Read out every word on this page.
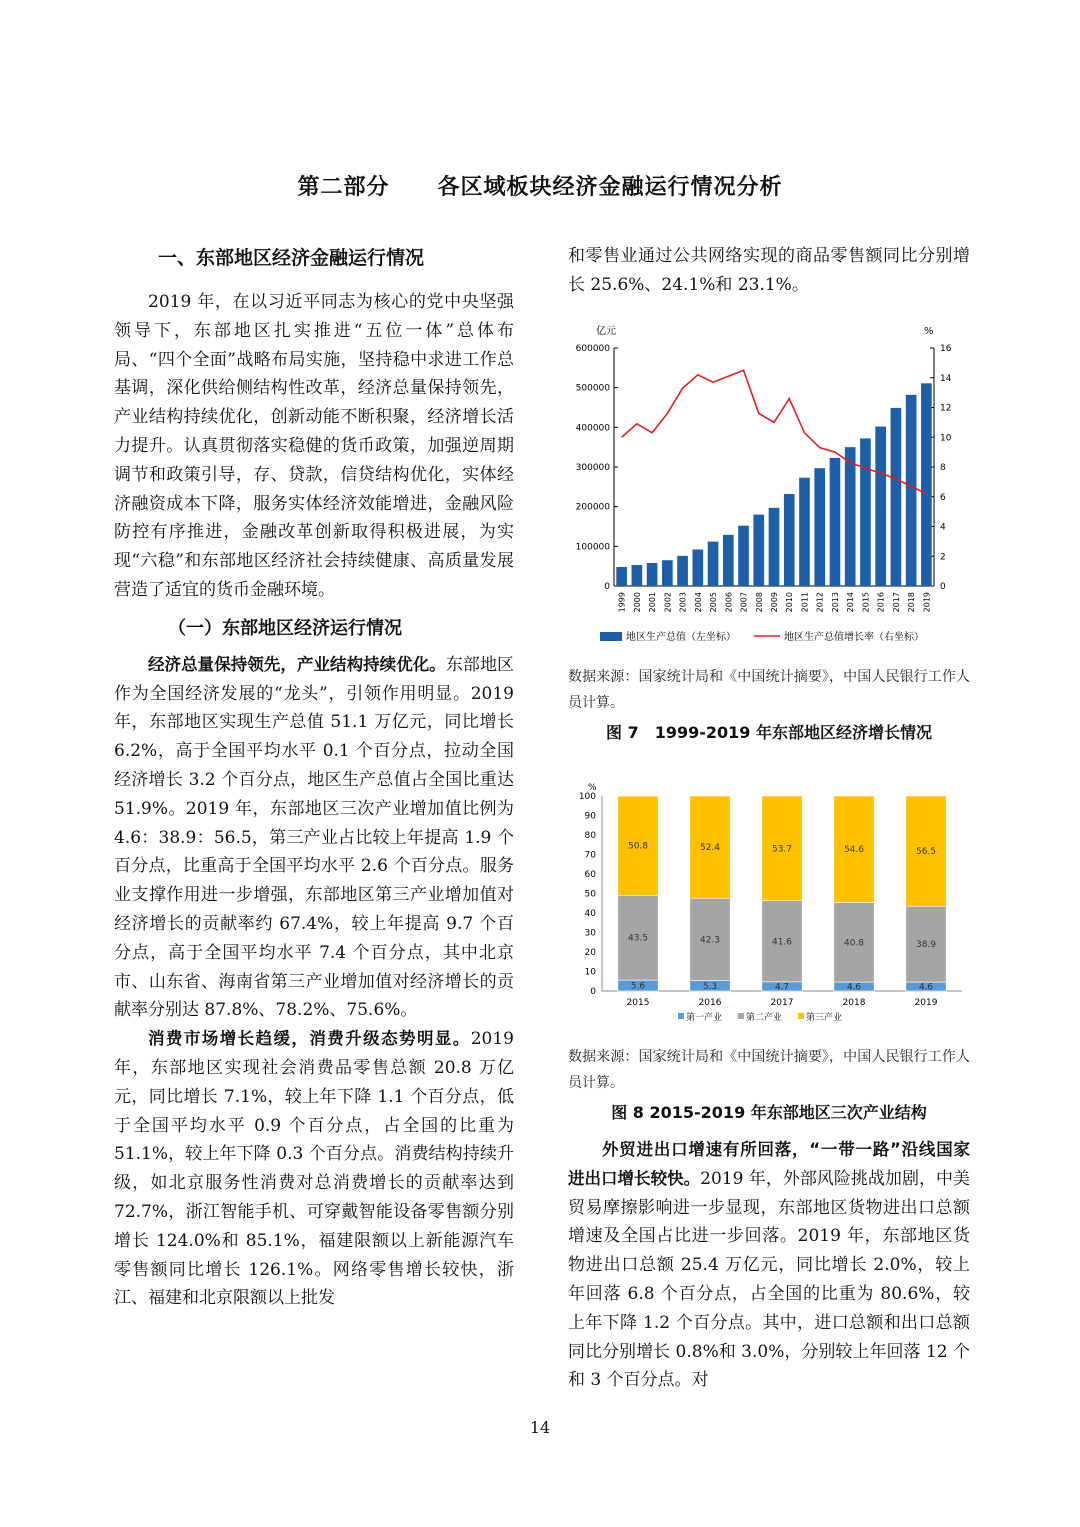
第二部分 各区域板块经济金融运行情况分析
一、东部地区经济金融运行情况

2019 年，在以习近平同志为核心的党中央坚强领导下，东部地区扎实推进“五位一体”总体布局、“四个全面”战略布局实施，坚持稳中求进工作总基调，深化供给侧结构性改革，经济总量保持领先，产业结构持续优化，创新动能不断积聚，经济增长活力提升。认真贯彻落实稳健的货币政策，加强逆周期调节和政策引导，存、贷款，信贷结构优化，实体经济融资成本下降，服务实体经济效能增进，金融风险防控有序推进，金融改革创新取得积极进展，为实现“六稳”和东部地区经济社会持续健康、高质量发展营造了适宜的货币金融环境。

（一）东部地区经济运行情况

经济总量保持领先，产业结构持续优化。东部地区作为全国经济发展的“龙头”，引领作用明显。2019 年，东部地区实现生产总值 51.1 万亿元，同比增长 6.2%，高于全国平均水平 0.1 个百分点，拉动全国经济增长 3.2 个百分点，地区生产总值占全国比重达 51.9%。2019 年，东部地区三次产业增加值比例为 4.6：38.9：56.5，第三产业占比较上年提高 1.9 个百分点，比重高于全国平均水平 2.6 个百分点。服务业支撑作用进一步增强，东部地区第三产业增加值对经济增长的贡献率约 67.4%，较上年提高 9.7 个百分点，高于全国平均水平 7.4 个百分点，其中北京市、山东省、海南省第三产业增加值对经济增长的贡献率分别达 87.8%、78.2%、75.6%。

消费市场增长趋缓，消费升级态势明显。2019 年，东部地区实现社会消费品零售总额 20.8 万亿元，同比增长 7.1%，较上年下降 1.1 个百分点，低于全国平均水平 0.9 个百分点，占全国的比重为 51.1%，较上年下降 0.3 个百分点。消费结构持续升级，如北京服务性消费对总消费增长的贡献率达到 72.7%，浙江智能手机、可穿戴智能设备零售额分别增长 124.0%和 85.1%，福建限额以上新能源汽车零售额同比增长 126.1%。网络零售增长较快，浙江、福建和北京限额以上批发

和零售业通过公共网络实现的商品零售额同比分别增长 25.6%、24.1%和 23.1%。

亿元	%
0
100000
200000
300000
400000
500000
600000
0
2
4
6
8
10
12
14
16
1999 2000 2001 2002 2003 2004 2005 2006 2007 2008 2009 2010 2011 2012 2013 2014 2015 2016 2017 2018 2019
地区生产总值（左坐标）	地区生产总值增长率（右坐标）

数据来源：国家统计局和《中国统计摘要》，中国人民银行工作人员计算。

图 7　1999-2019 年东部地区经济增长情况
%
0
10
20
30
40
50
60
70
80
90
100
5.6
43.5
50.8
2015
5.3
42.3
52.4
2016
4.7
41.6
53.7
2017
4.6
40.8
54.6
2018
4.6
38.9
56.5
2019
第一产业	第二产业	第三产业

数据来源：国家统计局和《中国统计摘要》，中国人民银行工作人员计算。

图 8 2015-2019 年东部地区三次产业结构

外贸进出口增速有所回落，“一带一路”沿线国家进出口增长较快。2019 年，外部风险挑战加剧，中美贸易摩擦影响进一步显现，东部地区货物进出口总额增速及全国占比进一步回落。2019 年，东部地区货物进出口总额 25.4 万亿元，同比增长 2.0%，较上年回落 6.8 个百分点，占全国的比重为 80.6%，较上年下降 1.2 个百分点。其中，进口总额和出口总额同比分别增长 0.8%和 3.0%，分别较上年回落 12 个和 3 个百分点。对

14
